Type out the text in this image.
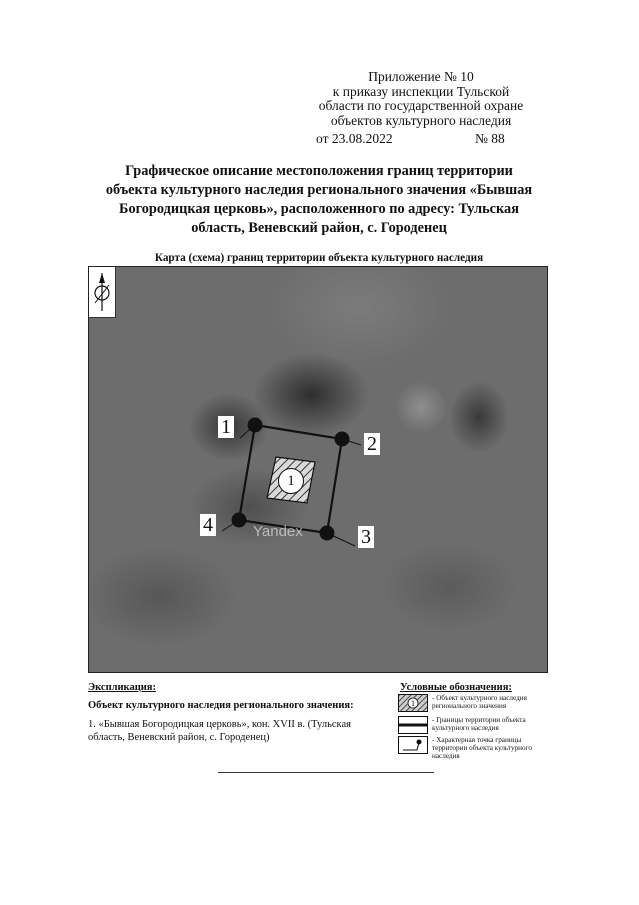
Приложение № 10
к приказу инспекции Тульской
области по государственной охране
объектов культурного наследия
от 23.08.2022	№ 88
Графическое описание местоположения границ территории
объекта культурного наследия регионального значения «Бывшая
Богородицкая церковь», расположенного по адресу: Тульская
область, Веневский район, с. Городенец
Карта (схема) границ территории объекта культурного наследия
1
2
3
4
1
Yandex
Экспликация:
Объект культурного наследия регионального значения:
1. «Бывшая Богородицкая церковь», кон. XVII в. (Тульская область, Веневский район, с. Городенец)
Условные обозначения:
1
- Объект культурного наследия регионального значения
- Границы территории объекта культурного наследия
- Характерная точка границы территории объекта культурного наследия
